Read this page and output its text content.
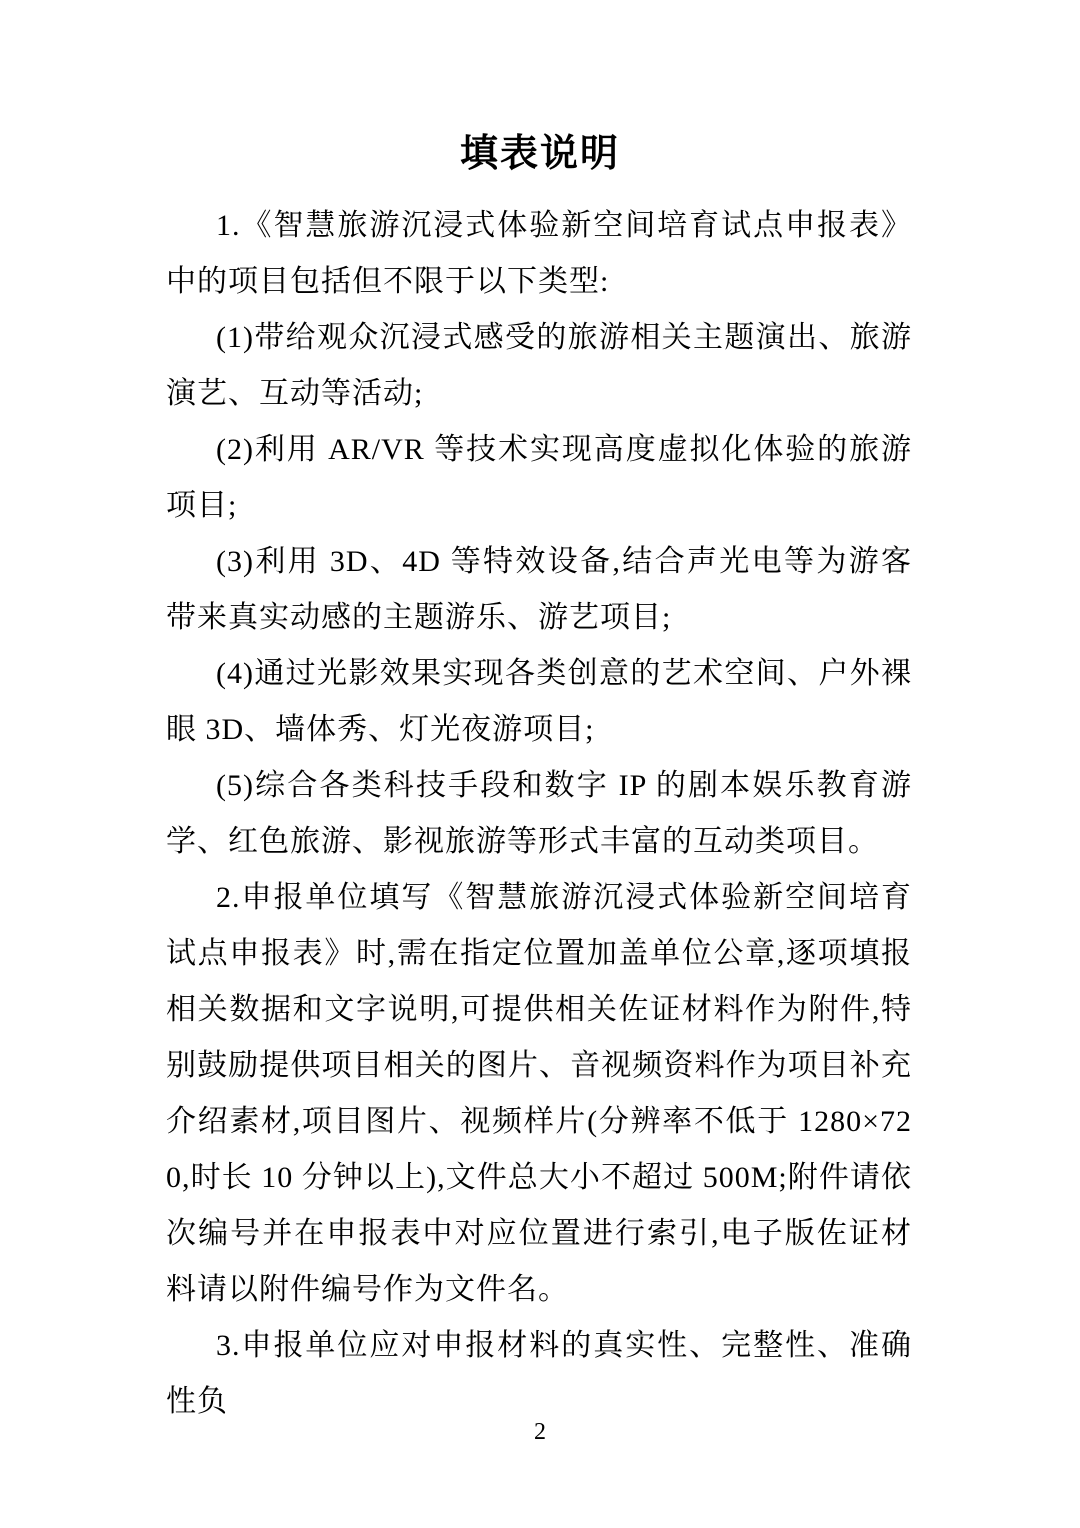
填表说明

1.《智慧旅游沉浸式体验新空间培育试点申报表》中的项目包括但不限于以下类型:

(1)带给观众沉浸式感受的旅游相关主题演出、旅游演艺、互动等活动;

(2)利用 AR/VR 等技术实现高度虚拟化体验的旅游项目;

(3)利用 3D、4D 等特效设备,结合声光电等为游客带来真实动感的主题游乐、游艺项目;

(4)通过光影效果实现各类创意的艺术空间、户外裸眼 3D、墙体秀、灯光夜游项目;

(5)综合各类科技手段和数字 IP 的剧本娱乐教育游学、红色旅游、影视旅游等形式丰富的互动类项目。

2.申报单位填写《智慧旅游沉浸式体验新空间培育试点申报表》时,需在指定位置加盖单位公章,逐项填报相关数据和文字说明,可提供相关佐证材料作为附件,特别鼓励提供项目相关的图片、音视频资料作为项目补充介绍素材,项目图片、视频样片(分辨率不低于 1280×720,时长 10 分钟以上),文件总大小不超过 500M;附件请依次编号并在申报表中对应位置进行索引,电子版佐证材料请以附件编号作为文件名。

3.申报单位应对申报材料的真实性、完整性、准确性负

2
